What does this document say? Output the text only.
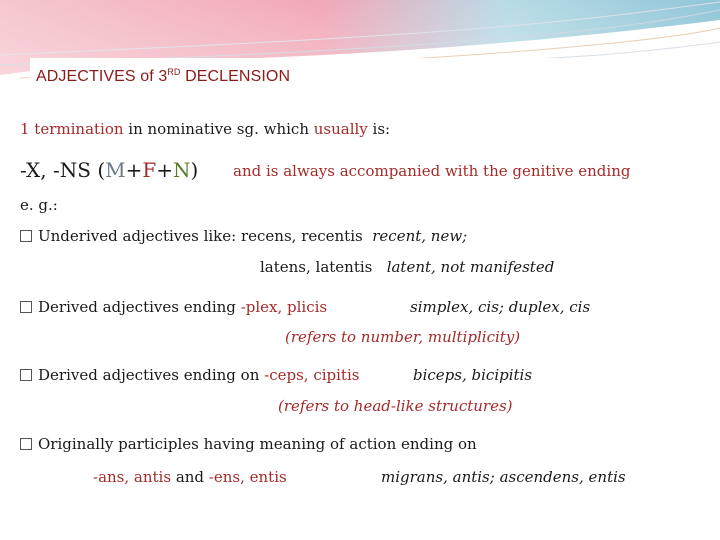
ADJECTIVES of 3RD DECLENSION
1 termination in nominative sg. which usually is:
-X, -NS (M+F+N) and is always accompanied with the genitive ending
e. g.:
Underived adjectives like: recens, recentis recent, new;
latens, latentis latent, not manifested
Derived adjectives ending -plex, plicis	simplex, cis; duplex, cis
(refers to number, multiplicity)
Derived adjectives ending on -ceps, cipitis	biceps, bicipitis
(refers to head-like structures)
Originally participles having meaning of action ending on
-ans, antis and -ens, entis	migrans, antis; ascendens, entis
